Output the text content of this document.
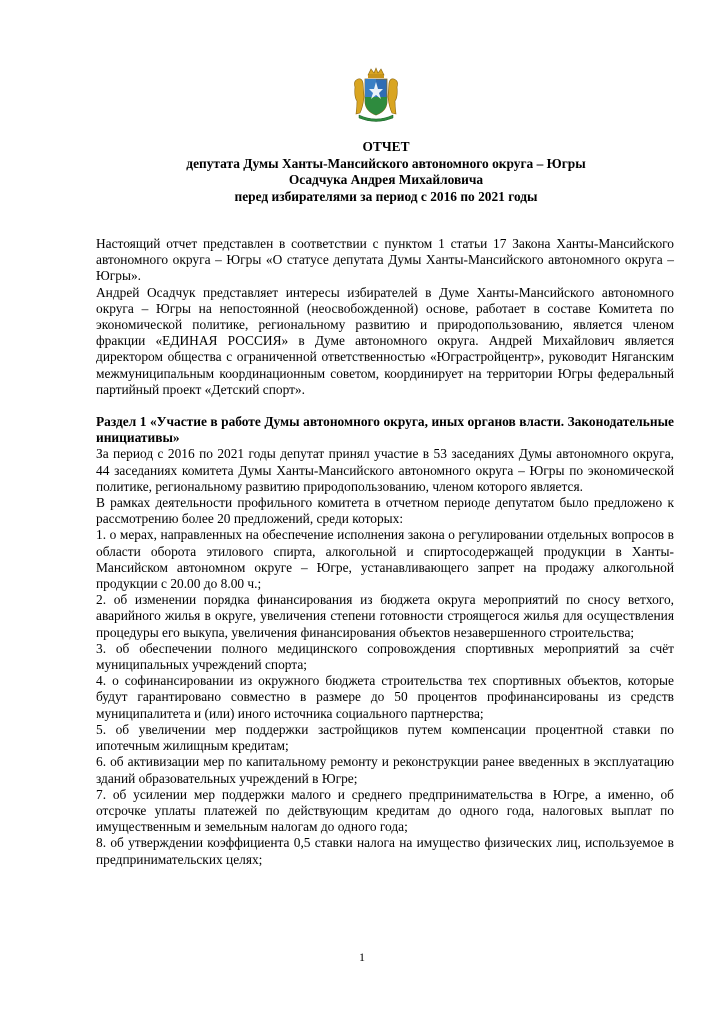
ОТЧЕТ
депутата Думы Ханты-Мансийского автономного округа – Югры
Осадчука Андрея Михайловича
перед избирателями за период с 2016 по 2021 годы

Настоящий отчет представлен в соответствии с пунктом 1 статьи 17 Закона Ханты-Мансийского автономного округа – Югры «О статусе депутата Думы Ханты-Мансийского автономного округа – Югры».

Андрей Осадчук представляет интересы избирателей в Думе Ханты-Мансийского автономного округа – Югры на непостоянной (неосвобожденной) основе, работает в составе Комитета по экономической политике, региональному развитию и природопользованию, является членом фракции «ЕДИНАЯ РОССИЯ» в Думе автономного округа. Андрей Михайлович является директором общества с ограниченной ответственностью «Юграстройцентр», руководит Няганским межмуниципальным координационным советом, координирует на территории Югры федеральный партийный проект «Детский спорт».

Раздел 1 «Участие в работе Думы автономного округа, иных органов власти. Законодательные инициативы»

За период с 2016 по 2021 годы депутат принял участие в 53 заседаниях Думы автономного округа, 44 заседаниях комитета Думы Ханты-Мансийского автономного округа – Югры по экономической политике, региональному развитию природопользованию, членом которого является.

В рамках деятельности профильного комитета в отчетном периоде депутатом было предложено к рассмотрению более 20 предложений, среди которых:

1. о мерах, направленных на обеспечение исполнения закона о регулировании отдельных вопросов в области оборота этилового спирта, алкогольной и спиртосодержащей продукции в Ханты-Мансийском автономном округе – Югре, устанавливающего запрет на продажу алкогольной продукции с 20.00 до 8.00 ч.;

2. об изменении порядка финансирования из бюджета округа мероприятий по сносу ветхого, аварийного жилья в округе, увеличения степени готовности строящегося жилья для осуществления процедуры его выкупа, увеличения финансирования объектов незавершенного строительства;

3. об обеспечении полного медицинского сопровождения спортивных мероприятий за счёт муниципальных учреждений спорта;

4. о софинансировании из окружного бюджета строительства тех спортивных объектов, которые будут гарантировано совместно в размере до 50 процентов профинансированы из средств муниципалитета и (или) иного источника социального партнерства;

5. об увеличении мер поддержки застройщиков путем компенсации процентной ставки по ипотечным жилищным кредитам;

6. об активизации мер по капитальному ремонту и реконструкции ранее введенных в эксплуатацию зданий образовательных учреждений в Югре;

7. об усилении мер поддержки малого и среднего предпринимательства в Югре, а именно, об отсрочке уплаты платежей по действующим кредитам до одного года, налоговых выплат по имущественным и земельным налогам до одного года;

8. об утверждении коэффициента 0,5 ставки налога на имущество физических лиц, используемое в предпринимательских целях;

1
